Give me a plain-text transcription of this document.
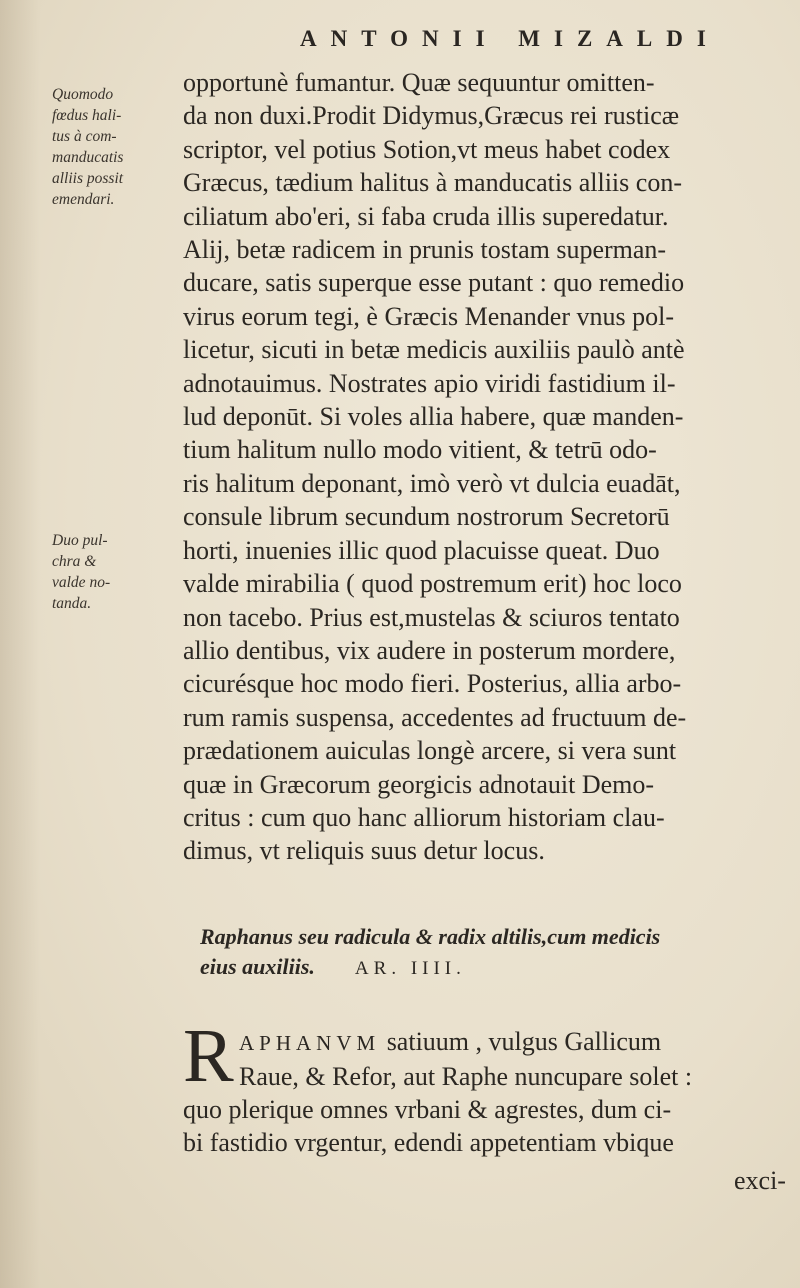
ANTONII MIZALDI
Quomodo
fœdus hali-
tus à com-
manducatis
alliis possit
emendari.
Duo pul-
chra &
valde no-
tanda.
opportunè fumantur. Quæ sequuntur omitten-
da non duxi.Prodit Didymus,Græcus rei rusticæ
scriptor, vel potius Sotion,vt meus habet codex
Græcus, tædium halitus à manducatis alliis con-
ciliatum abo'eri, si faba cruda illis superedatur.
Alij, betæ radicem in prunis tostam superman-
ducare, satis superque esse putant : quo remedio
virus eorum tegi, è Græcis Menander vnus pol-
licetur, sicuti in betæ medicis auxiliis paulò antè
adnotauimus. Nostrates apio viridi fastidium il-
lud deponūt. Si voles allia habere, quæ manden-
tium halitum nullo modo vitient, & tetrū odo-
ris halitum deponant, imò verò vt dulcia euadāt,
consule librum secundum nostrorum Secretorū
horti, inuenies illic quod placuisse queat. Duo
valde mirabilia ( quod postremum erit) hoc loco
non tacebo. Prius est,mustelas & sciuros tentato
allio dentibus, vix audere in posterum mordere,
cicurésque hoc modo fieri. Posterius, allia arbo-
rum ramis suspensa, accedentes ad fructuum de-
prædationem auiculas longè arcere, si vera sunt
quæ in Græcorum georgicis adnotauit Demo-
critus : cum quo hanc alliorum historiam clau-
dimus, vt reliquis suus detur locus.
Raphanus seu radicula & radix altilis,cum medicis
eius auxiliis. AR. IIII.
R APHANVM satiuum , vulgus Gallicum
Raue, & Refor, aut Raphe nuncupare solet :
quo plerique omnes vrbani & agrestes, dum ci-
bi fastidio vrgentur, edendi appetentiam vbique
exci-
